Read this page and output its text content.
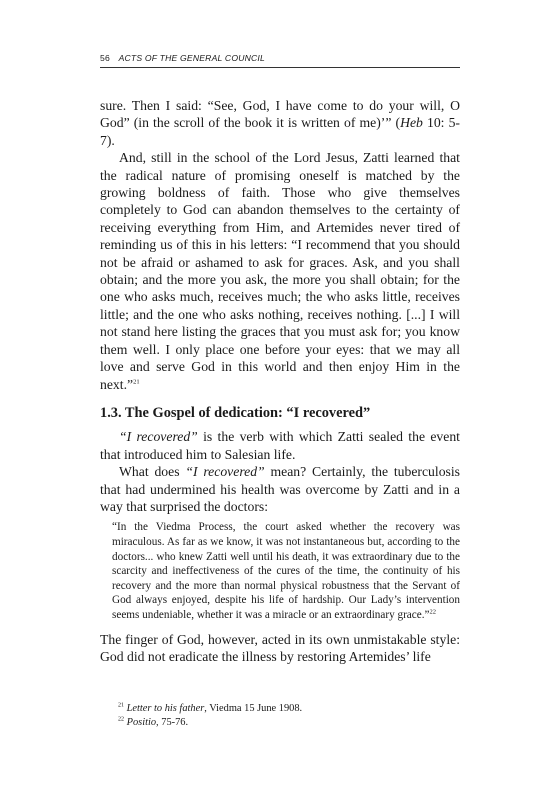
56 ACTS OF THE GENERAL COUNCIL

sure. Then I said: “See, God, I have come to do your will, O God” (in the scroll of the book it is written of me)’” (Heb 10: 5-7).

And, still in the school of the Lord Jesus, Zatti learned that the radical nature of promising oneself is matched by the growing boldness of faith. Those who give themselves completely to God can abandon themselves to the certainty of receiving everything from Him, and Artemides never tired of reminding us of this in his letters: “I recommend that you should not be afraid or ashamed to ask for graces. Ask, and you shall obtain; and the more you ask, the more you shall obtain; for the one who asks much, receives much; the who asks little, receives little; and the one who asks nothing, receives nothing. [...] I will not stand here listing the graces that you must ask for; you know them well. I only place one before your eyes: that we may all love and serve God in this world and then enjoy Him in the next.”$^{21}$

1.3. The Gospel of dedication: “I recovered”

“I recovered” is the verb with which Zatti sealed the event that introduced him to Salesian life.

What does “I recovered” mean? Certainly, the tuberculosis that had undermined his health was overcome by Zatti and in a way that surprised the doctors:

“In the Viedma Process, the court asked whether the recovery was miraculous. As far as we know, it was not instantaneous but, according to the doctors... who knew Zatti well until his death, it was extraordinary due to the scarcity and ineffectiveness of the cures of the time, the continuity of his recovery and the more than normal physical robustness that the Servant of God always enjoyed, despite his life of hardship. Our Lady’s intervention seems undeniable, whether it was a miracle or an extraordinary grace.”$^{22}$

The finger of God, however, acted in its own unmistakable style: God did not eradicate the illness by restoring Artemides’ life

$^{21}$ Letter to his father, Viedma 15 June 1908.
$^{22}$ Positio, 75-76.
